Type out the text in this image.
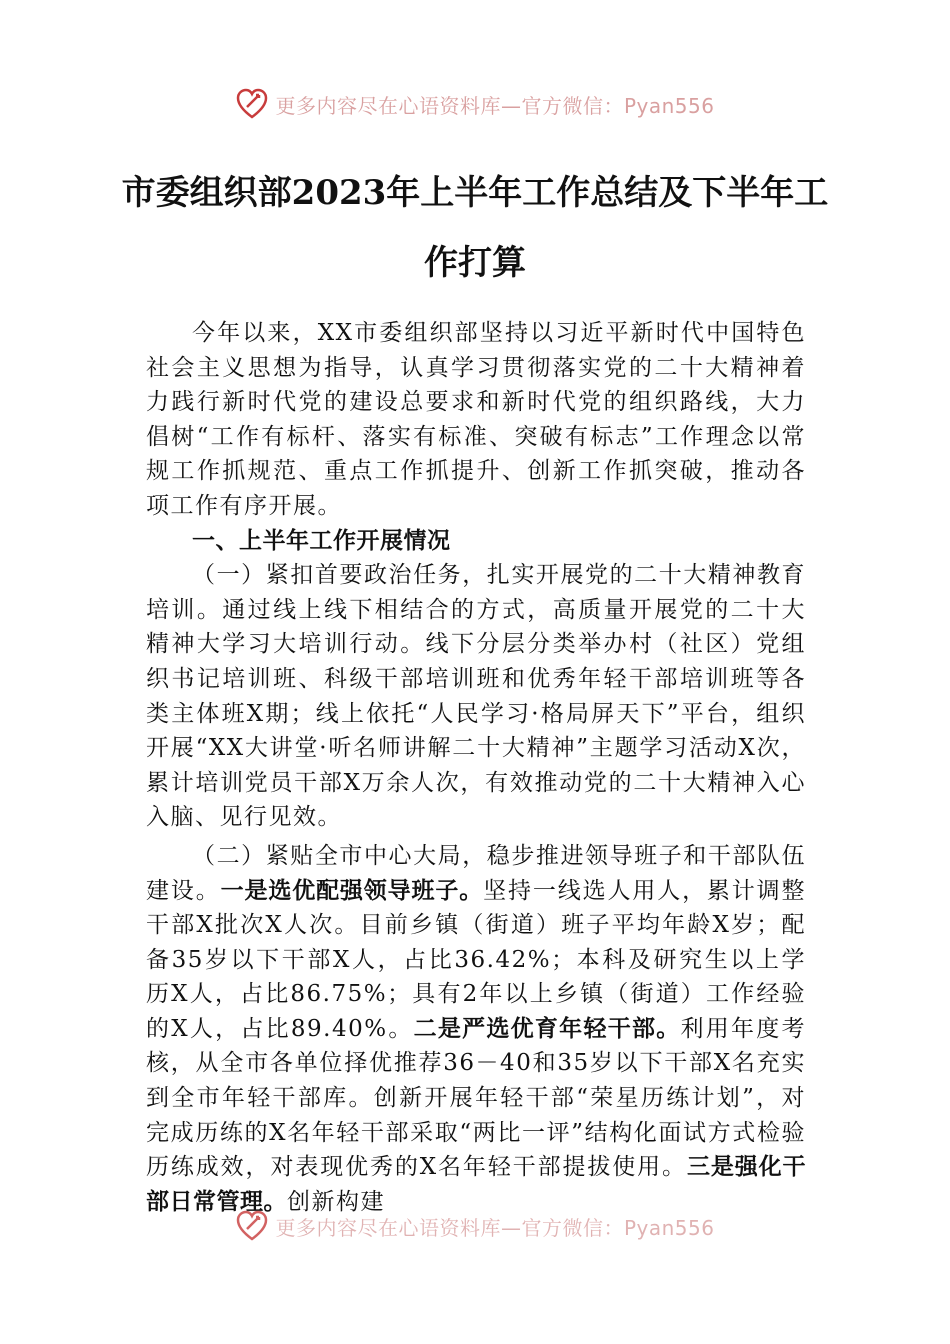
更多内容尽在心语资料库—官方微信：Pyan556
市委组织部2023年上半年工作总结及下半年工作打算

今年以来，XX市委组织部坚持以习近平新时代中国特色社会主义思想为指导，认真学习贯彻落实党的二十大精神着力践行新时代党的建设总要求和新时代党的组织路线，大力倡树“工作有标杆、落实有标准、突破有标志”工作理念以常规工作抓规范、重点工作抓提升、创新工作抓突破，推动各项工作有序开展。

一、上半年工作开展情况

（一）紧扣首要政治任务，扎实开展党的二十大精神教育培训。通过线上线下相结合的方式，高质量开展党的二十大精神大学习大培训行动。线下分层分类举办村（社区）党组织书记培训班、科级干部培训班和优秀年轻干部培训班等各类主体班X期；线上依托“人民学习·格局屏天下”平台，组织开展“XX大讲堂·听名师讲解二十大精神”主题学习活动X次，累计培训党员干部X万余人次，有效推动党的二十大精神入心入脑、见行见效。

（二）紧贴全市中心大局，稳步推进领导班子和干部队伍建设。一是选优配强领导班子。坚持一线选人用人，累计调整干部X批次X人次。目前乡镇（街道）班子平均年龄X岁；配备35岁以下干部X人，占比36.42%；本科及研究生以上学历X人，占比86.75%；具有2年以上乡镇（街道）工作经验的X人，占比89.40%。二是严选优育年轻干部。利用年度考核，从全市各单位择优推荐36－40和35岁以下干部X名充实到全市年轻干部库。创新开展年轻干部“荣星历练计划”，对完成历练的X名年轻干部采取“两比一评”结构化面试方式检验历练成效，对表现优秀的X名年轻干部提拔使用。三是强化干部日常管理。创新构建

更多内容尽在心语资料库—官方微信：Pyan556
